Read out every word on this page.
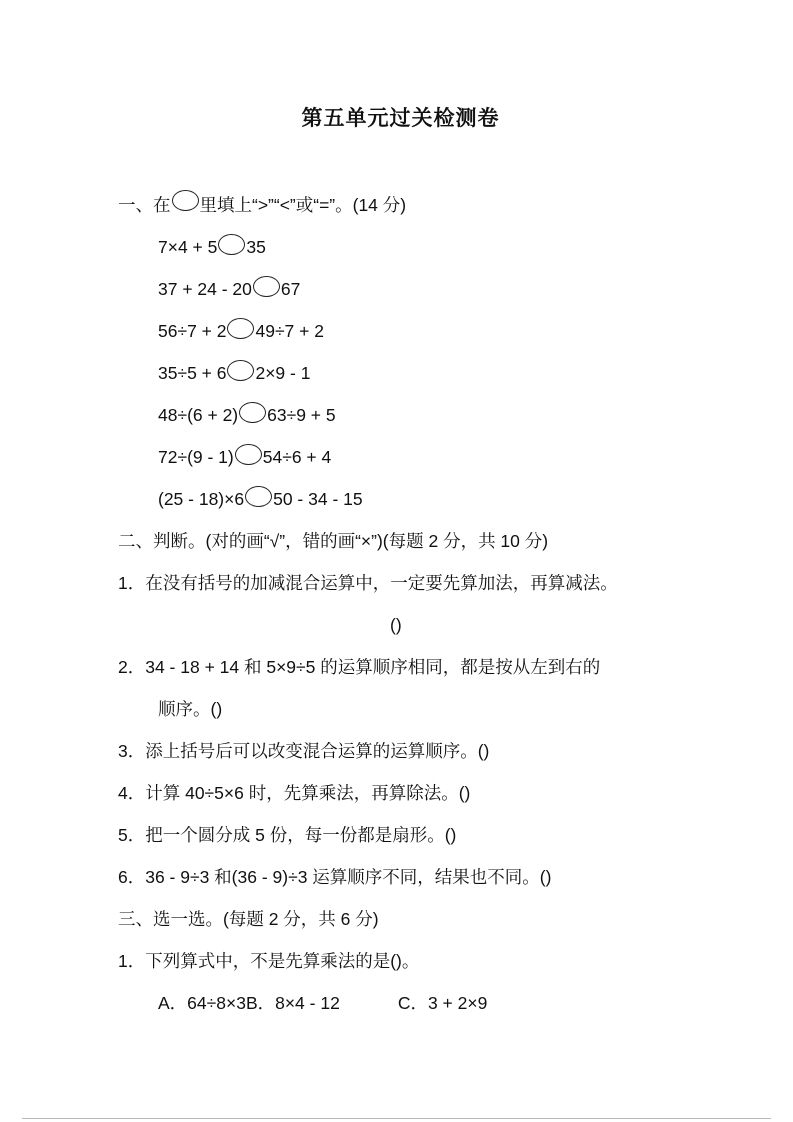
第五单元过关检测卷
一、在 里填上“>”“<”或“=”。(14 分)
7×4 + 5 35
37 + 24 - 20 67
56÷7 + 2 49÷7 + 2
35÷5 + 6 2×9 - 1
48÷(6 + 2) 63÷9 + 5
72÷(9 - 1) 54÷6 + 4
(25 - 18)×6 50 - 34 - 15
二、判断。(对的画“√”，错的画“×”)(每题 2 分，共 10 分)
1．在没有括号的加减混合运算中，一定要先算加法，再算减法。
()
2．34 - 18 + 14 和 5×9÷5 的运算顺序相同，都是按从左到右的
顺序。()
3．添上括号后可以改变混合运算的运算顺序。()
4．计算 40÷5×6 时，先算乘法，再算除法。()
5．把一个圆分成 5 份，每一份都是扇形。()
6．36 - 9÷3 和(36 - 9)÷3 运算顺序不同，结果也不同。()
三、选一选。(每题 2 分，共 6 分)
1．下列算式中，不是先算乘法的是()。
A．64÷8×3B．8×4 - 12	C．3 + 2×9
